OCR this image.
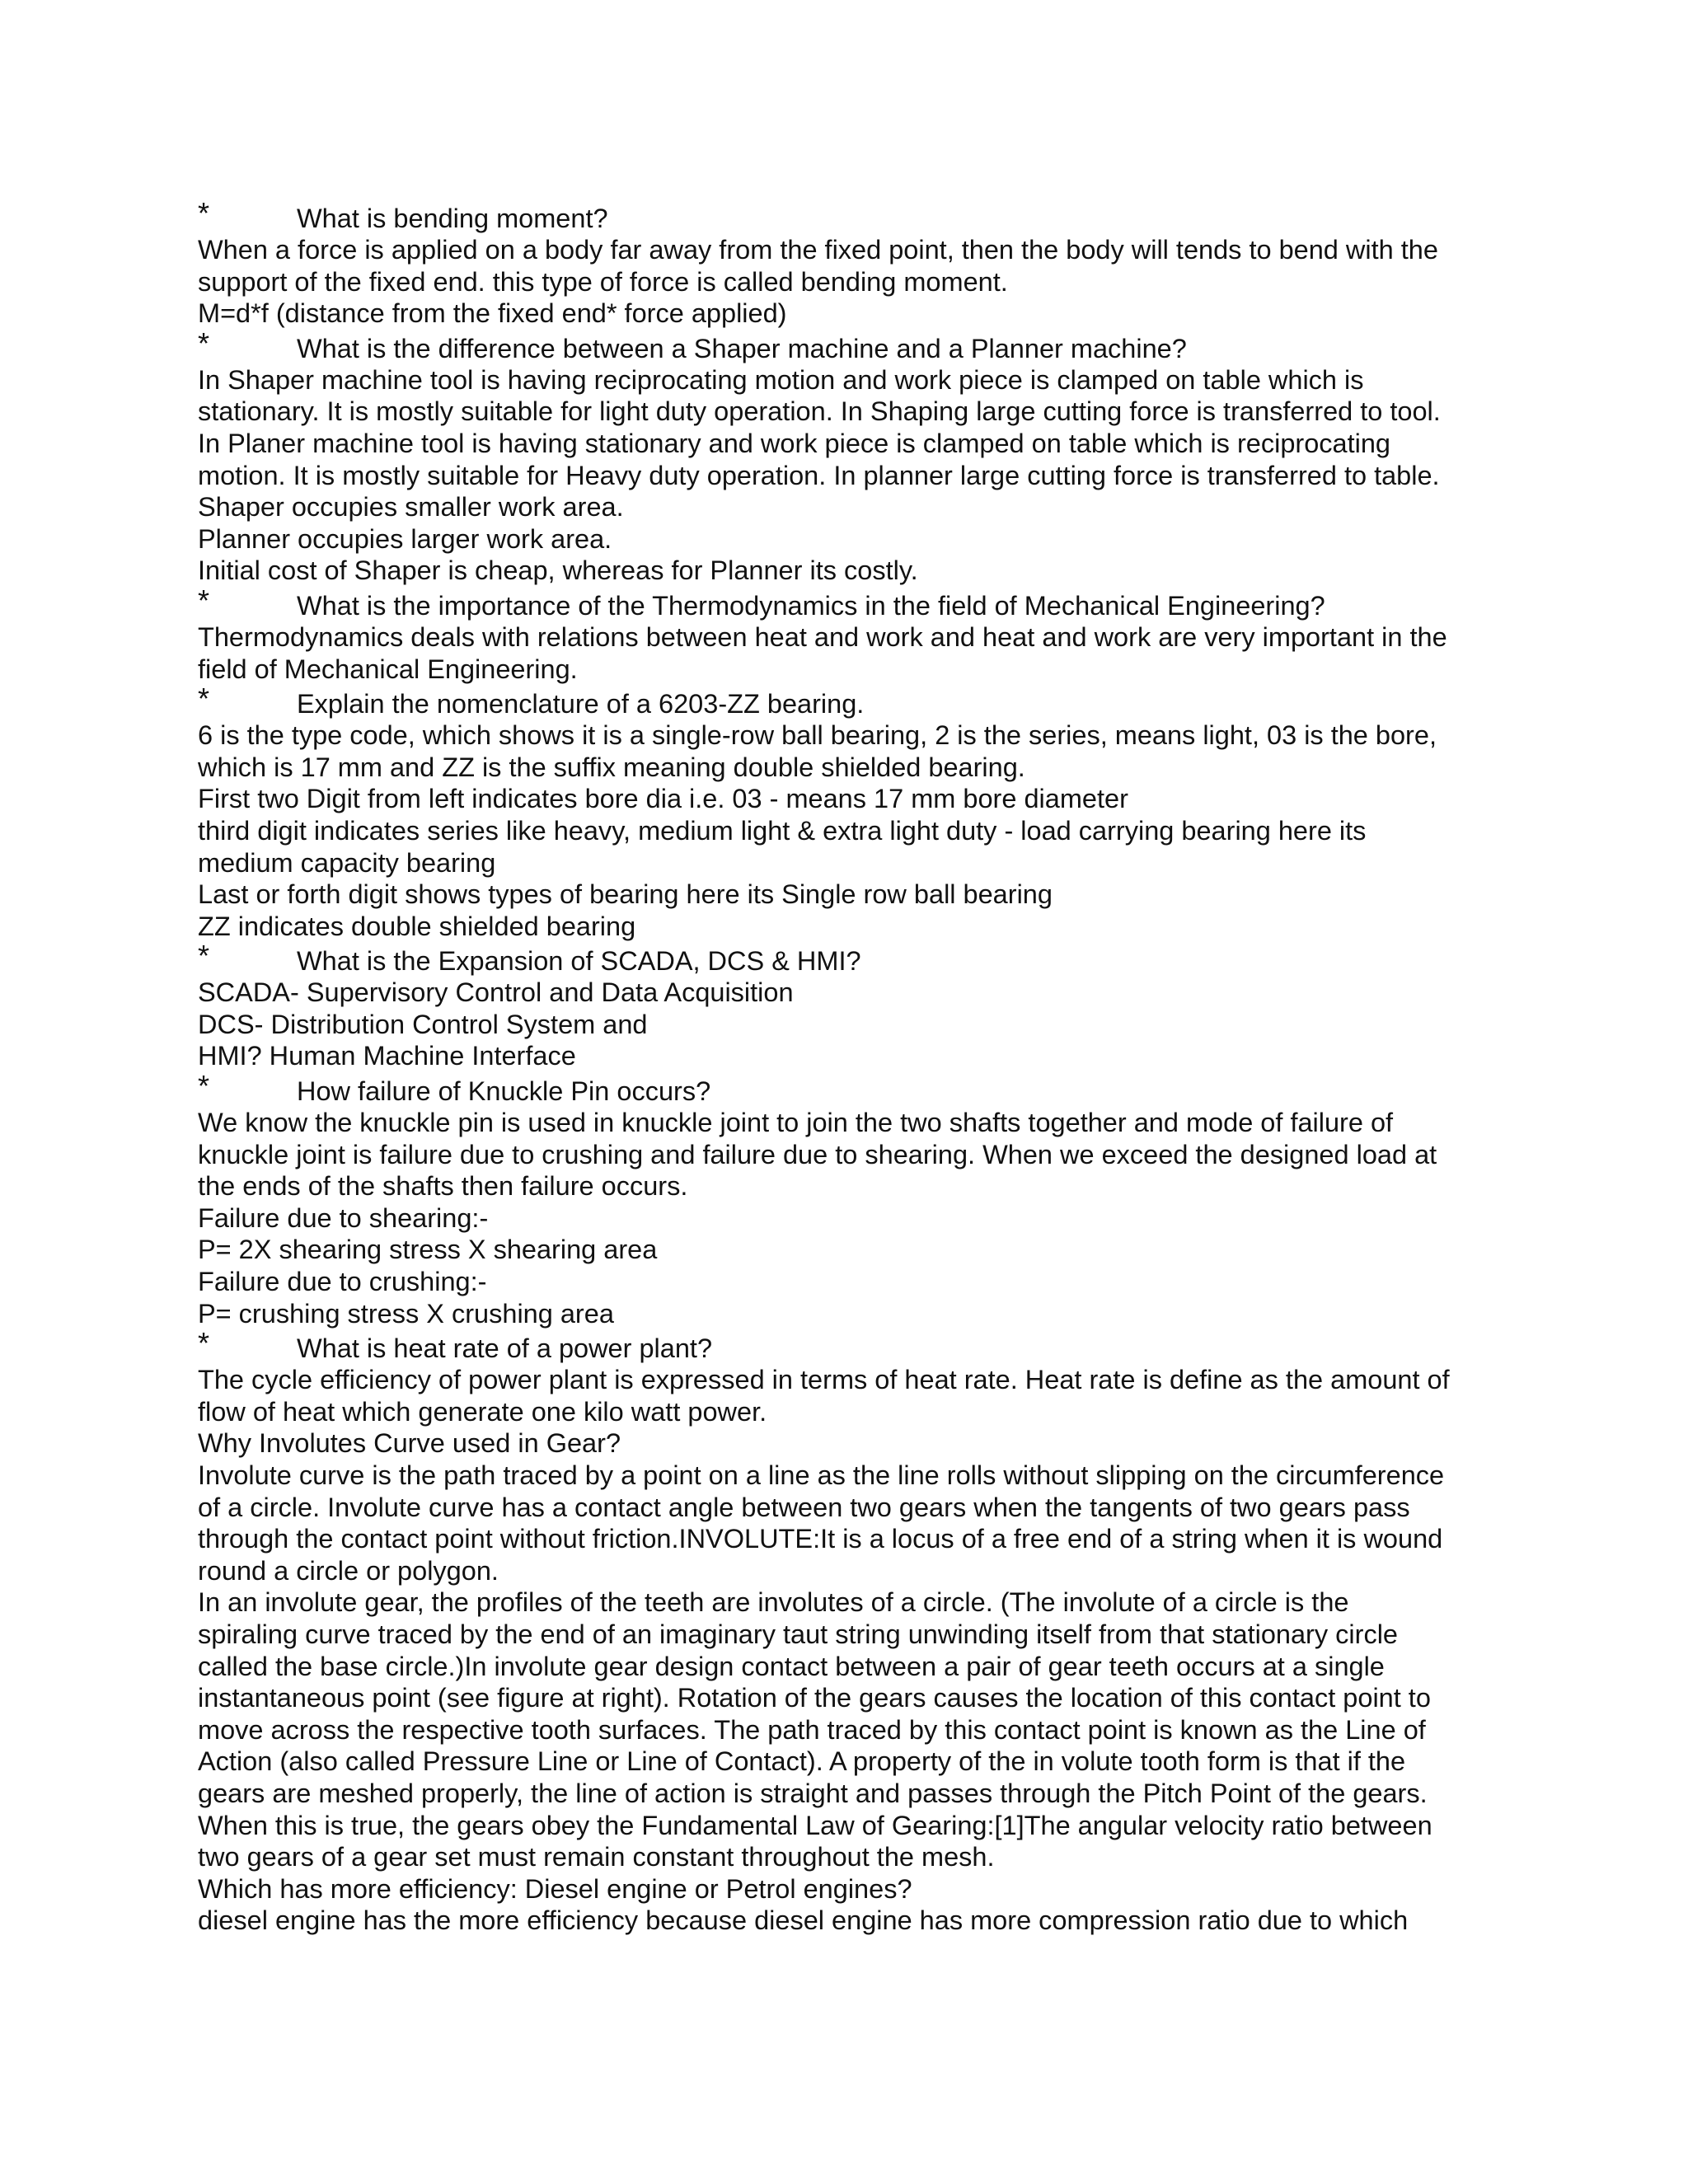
*	What is bending moment?
When a force is applied on a body far away from the fixed point, then the body will tends to bend with the
support of the fixed end. this type of force is called bending moment.
M=d*f (distance from the fixed end* force applied)
*	What is the difference between a Shaper machine and a Planner machine?
In Shaper machine tool is having reciprocating motion and work piece is clamped on table which is
stationary. It is mostly suitable for light duty operation. In Shaping large cutting force is transferred to tool.
In Planer machine tool is having stationary and work piece is clamped on table which is reciprocating
motion. It is mostly suitable for Heavy duty operation. In planner large cutting force is transferred to table.
Shaper occupies smaller work area.
Planner occupies larger work area.
Initial cost of Shaper is cheap, whereas for Planner its costly.
*	What is the importance of the Thermodynamics in the field of Mechanical Engineering?
Thermodynamics deals with relations between heat and work and heat and work are very important in the
field of Mechanical Engineering.
*	Explain the nomenclature of a 6203-ZZ bearing.
6 is the type code, which shows it is a single-row ball bearing, 2 is the series, means light, 03 is the bore,
which is 17 mm and ZZ is the suffix meaning double shielded bearing.
First two Digit from left indicates bore dia i.e. 03 - means 17 mm bore diameter
third digit indicates series like heavy, medium light & extra light duty - load carrying bearing here its
medium capacity bearing
Last or forth digit shows types of bearing here its Single row ball bearing
ZZ indicates double shielded bearing
*	What is the Expansion of SCADA, DCS & HMI?
SCADA- Supervisory Control and Data Acquisition
DCS- Distribution Control System and
HMI? Human Machine Interface
*	How failure of Knuckle Pin occurs?
We know the knuckle pin is used in knuckle joint to join the two shafts together and mode of failure of
knuckle joint is failure due to crushing and failure due to shearing. When we exceed the designed load at
the ends of the shafts then failure occurs.
Failure due to shearing:-
P= 2X shearing stress X shearing area
Failure due to crushing:-
P= crushing stress X crushing area
*	What is heat rate of a power plant?
The cycle efficiency of power plant is expressed in terms of heat rate. Heat rate is define as the amount of
flow of heat which generate one kilo watt power.
Why Involutes Curve used in Gear?
Involute curve is the path traced by a point on a line as the line rolls without slipping on the circumference
of a circle. Involute curve has a contact angle between two gears when the tangents of two gears pass
through the contact point without friction.INVOLUTE:It is a locus of a free end of a string when it is wound
round a circle or polygon.
In an involute gear, the profiles of the teeth are involutes of a circle. (The involute of a circle is the
spiraling curve traced by the end of an imaginary taut string unwinding itself from that stationary circle
called the base circle.)In involute gear design contact between a pair of gear teeth occurs at a single
instantaneous point (see figure at right). Rotation of the gears causes the location of this contact point to
move across the respective tooth surfaces. The path traced by this contact point is known as the Line of
Action (also called Pressure Line or Line of Contact). A property of the in volute tooth form is that if the
gears are meshed properly, the line of action is straight and passes through the Pitch Point of the gears.
When this is true, the gears obey the Fundamental Law of Gearing:[1]The angular velocity ratio between
two gears of a gear set must remain constant throughout the mesh.
Which has more efficiency: Diesel engine or Petrol engines?
diesel engine has the more efficiency because diesel engine has more compression ratio due to which
